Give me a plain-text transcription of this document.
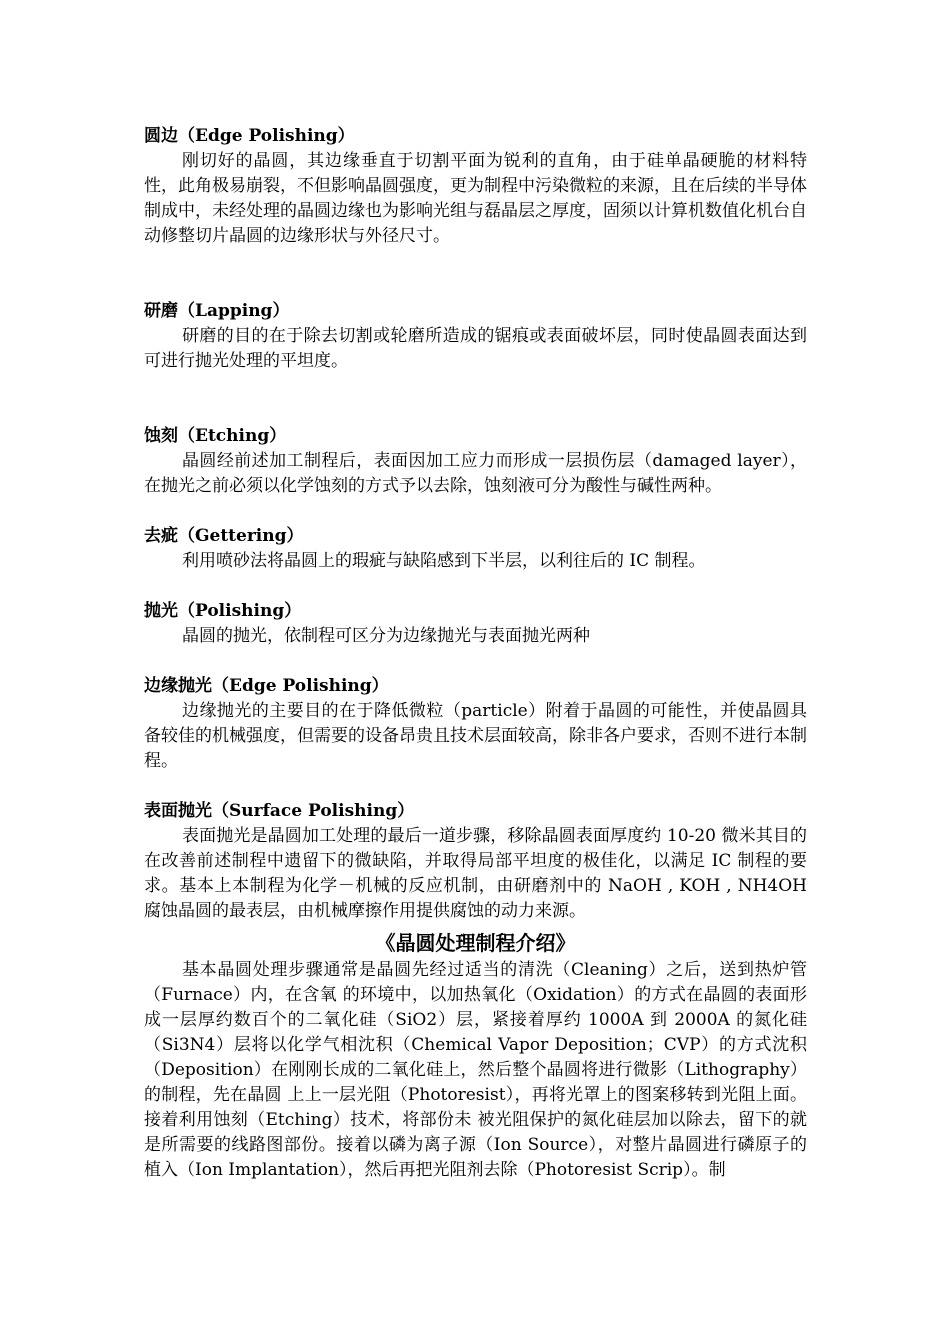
圆边（Edge Polishing）

刚切好的晶圆，其边缘垂直于切割平面为锐利的直角，由于硅单晶硬脆的材料特性，此角极易崩裂，不但影响晶圆强度，更为制程中污染微粒的来源，且在后续的半导体制成中，未经处理的晶圆边缘也为影响光组与磊晶层之厚度，固须以计算机数值化机台自动修整切片晶圆的边缘形状与外径尺寸。

研磨（Lapping）

研磨的目的在于除去切割或轮磨所造成的锯痕或表面破坏层，同时使晶圆表面达到可进行抛光处理的平坦度。

蚀刻（Etching）

晶圆经前述加工制程后，表面因加工应力而形成一层损伤层（damaged layer），在抛光之前必须以化学蚀刻的方式予以去除，蚀刻液可分为酸性与碱性两种。

去疵（Gettering）

利用喷砂法将晶圆上的瑕疵与缺陷感到下半层，以利往后的 IC 制程。

抛光（Polishing）

晶圆的抛光，依制程可区分为边缘抛光与表面抛光两种

边缘抛光（Edge Polishing）

边缘抛光的主要目的在于降低微粒（particle）附着于晶圆的可能性，并使晶圆具备较佳的机械强度，但需要的设备昂贵且技术层面较高，除非各户要求，否则不进行本制程。

表面抛光（Surface Polishing）

表面抛光是晶圆加工处理的最后一道步骤，移除晶圆表面厚度约 10-20 微米其目的在改善前述制程中遗留下的微缺陷，并取得局部平坦度的极佳化，以满足 IC 制程的要求。基本上本制程为化学－机械的反应机制，由研磨剂中的 NaOH , KOH , NH4OH 腐蚀晶圆的最表层，由机械摩擦作用提供腐蚀的动力来源。

《晶圆处理制程介绍》

基本晶圆处理步骤通常是晶圆先经过适当的清洗（Cleaning）之后，送到热炉管（Furnace）内，在含氧 的环境中，以加热氧化（Oxidation）的方式在晶圆的表面形成一层厚约数百个的二氧化硅（SiO2）层，紧接着厚约 1000A 到 2000A 的氮化硅（Si3N4）层将以化学气相沈积（Chemical Vapor Deposition；CVP）的方式沈积（Deposition）在刚刚长成的二氧化硅上，然后整个晶圆将进行微影（Lithography）的制程，先在晶圆 上上一层光阻（Photoresist），再将光罩上的图案移转到光阻上面。接着利用蚀刻（Etching）技术，将部份未 被光阻保护的氮化硅层加以除去，留下的就是所需要的线路图部份。接着以磷为离子源（Ion Source），对整片晶圆进行磷原子的植入（Ion Implantation），然后再把光阻剂去除（Photoresist Scrip）。制
